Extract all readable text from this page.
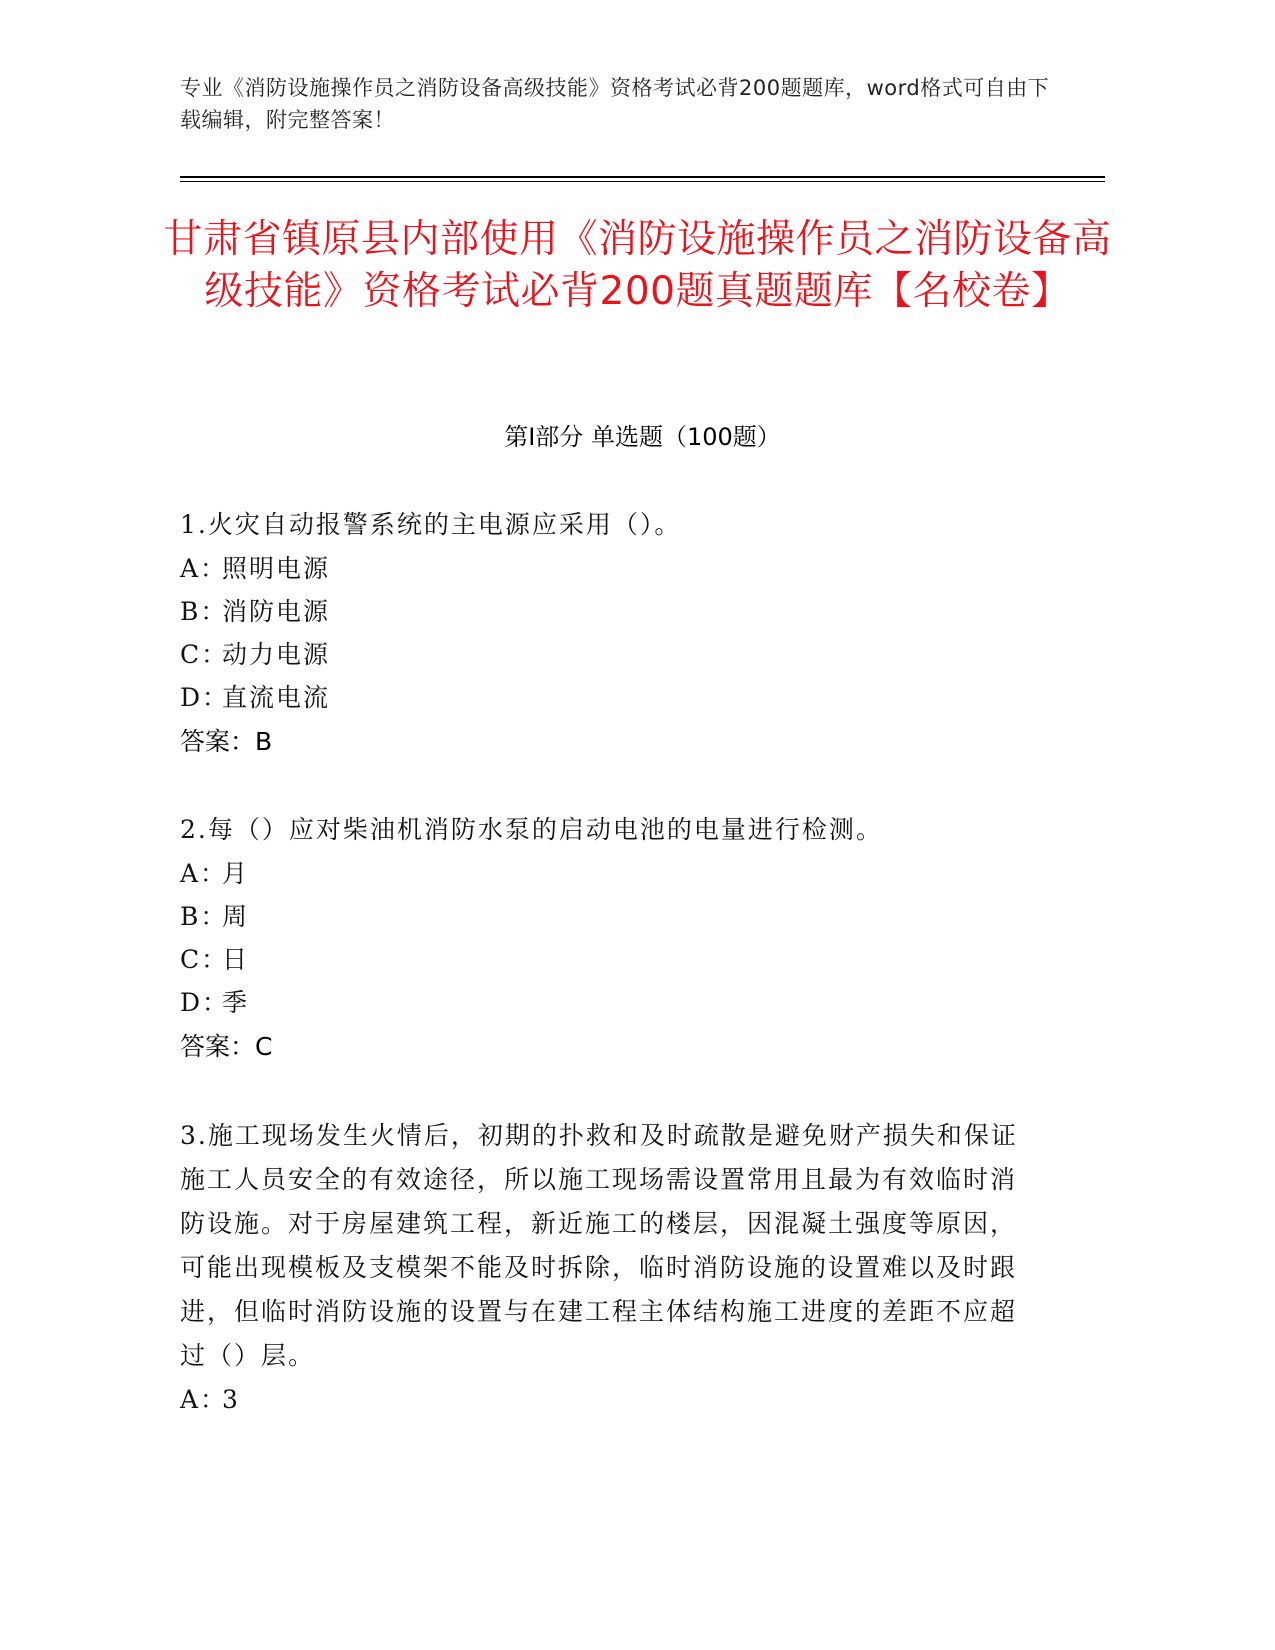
专业《消防设施操作员之消防设备高级技能》资格考试必背200题题库，word格式可自由下载编辑，附完整答案！
甘肃省镇原县内部使用《消防设施操作员之消防设备高级技能》资格考试必背200题真题题库【名校卷】
第I部分 单选题（100题）
1.火灾自动报警系统的主电源应采用（）。
A：照明电源
B：消防电源
C：动力电源
D：直流电流
答案：B
2.每（）应对柴油机消防水泵的启动电池的电量进行检测。
A：月
B：周
C：日
D：季
答案：C
3.施工现场发生火情后，初期的扑救和及时疏散是避免财产损失和保证施工人员安全的有效途径，所以施工现场需设置常用且最为有效临时消防设施。对于房屋建筑工程，新近施工的楼层，因混凝土强度等原因，可能出现模板及支模架不能及时拆除，临时消防设施的设置难以及时跟进，但临时消防设施的设置与在建工程主体结构施工进度的差距不应超过（）层。
A：3
